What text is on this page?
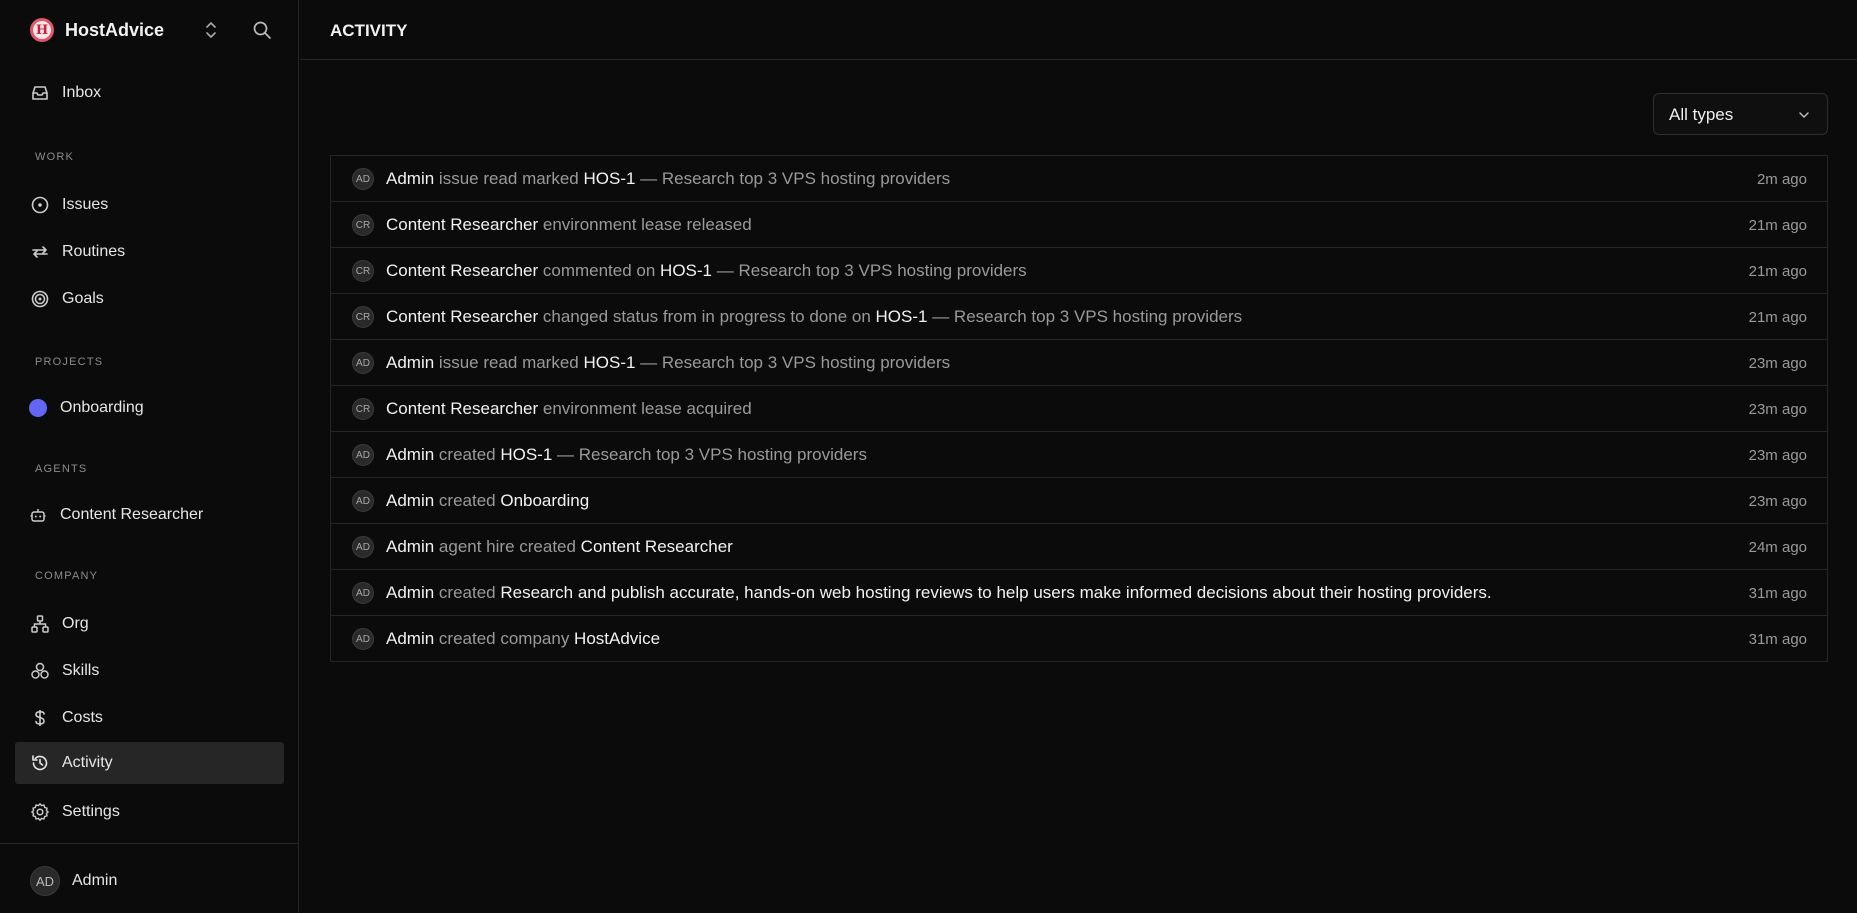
H HostAdvice
Inbox
WORK
Issues
Routines
Goals
PROJECTS
Onboarding
AGENTS
Content Researcher
COMPANY
Org
Skills
Costs
Activity
Settings
AD	Admin
ACTIVITY
All types
AD Admin issue read marked HOS-1 — Research top 3 VPS hosting providers	2m ago
CR Content Researcher environment lease released	21m ago
CR Content Researcher commented on HOS-1 — Research top 3 VPS hosting providers	21m ago
CR Content Researcher changed status from in progress to done on HOS-1 — Research top 3 VPS hosting providers	21m ago
AD Admin issue read marked HOS-1 — Research top 3 VPS hosting providers	23m ago
CR Content Researcher environment lease acquired	23m ago
AD Admin created HOS-1 — Research top 3 VPS hosting providers	23m ago
AD Admin created Onboarding	23m ago
AD Admin agent hire created Content Researcher	24m ago
AD Admin created Research and publish accurate, hands-on web hosting reviews to help users make informed decisions about their hosting providers.	31m ago
AD Admin created company HostAdvice	31m ago
